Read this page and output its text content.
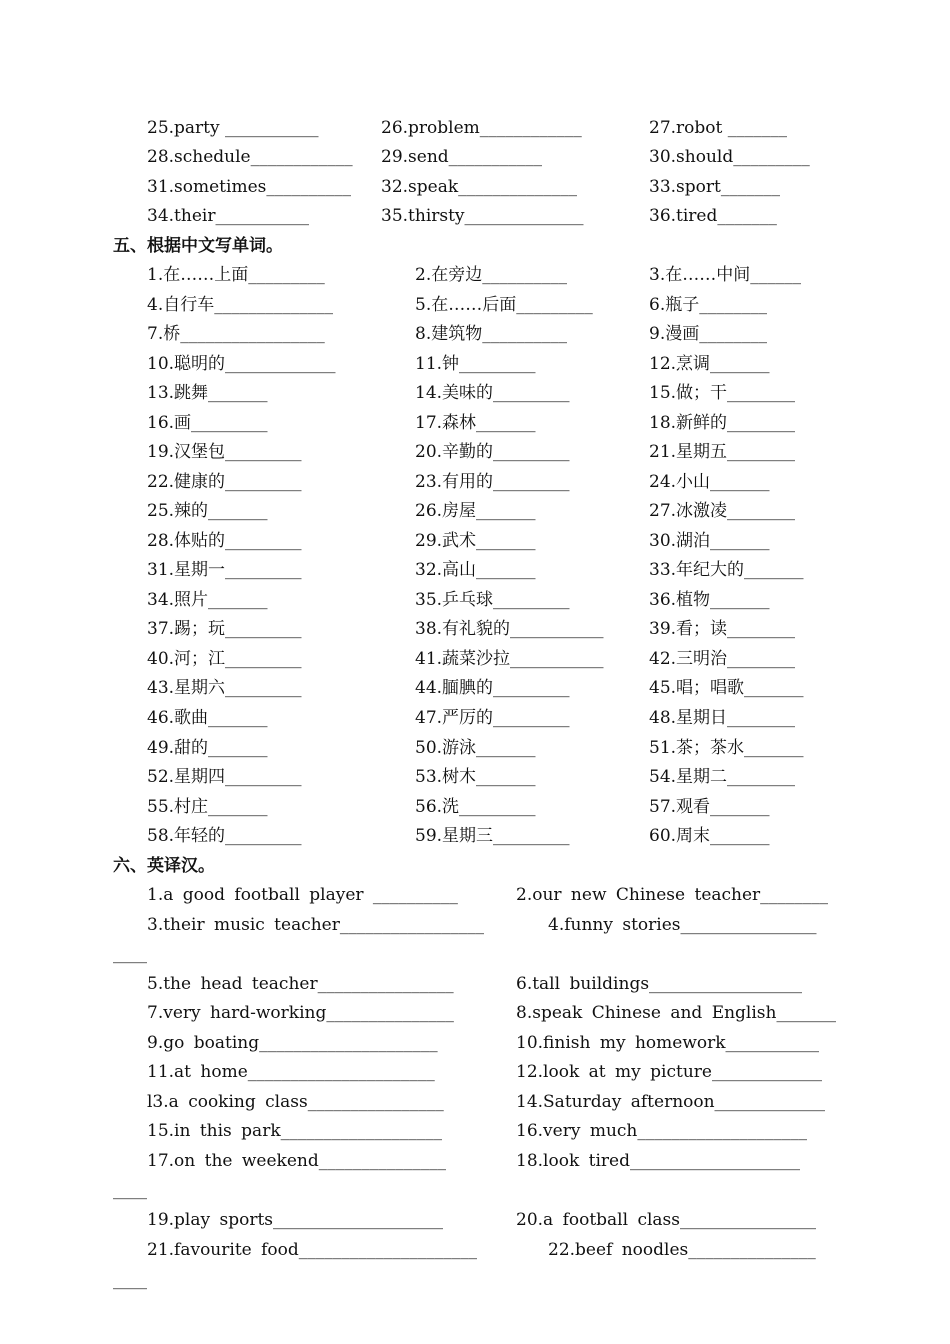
25.party ___________	26.problem____________	27.robot _______
28.schedule____________ 29.send___________	30.should_________
31.sometimes__________ 32.speak______________	33.sport_______
34.their___________	35.thirsty______________	36.tired_______
五、根据中文写单词。
1.在……上面_________	2.在旁边__________	3.在……中间______
4.自行车______________	5.在……后面_________	6.瓶子________
7.桥_________________	8.建筑物__________	9.漫画________
10.聪明的_____________	11.钟_________	12.烹调_______
13.跳舞_______	14.美味的_________	15.做；干________
16.画_________	17.森林_______	18.新鲜的________
19.汉堡包_________	20.辛勤的_________	21.星期五________
22.健康的_________	23.有用的_________	24.小山_______
25.辣的_______	26.房屋_______	27.冰激凌________
28.体贴的_________	29.武术_______	30.湖泊_______
31.星期一_________	32.高山_______	33.年纪大的_______
34.照片_______	35.乒乓球_________	36.植物_______
37.踢；玩_________	38.有礼貌的___________	39.看；读________
40.河；江_________	41.蔬菜沙拉___________	42.三明治________
43.星期六_________	44.腼腆的_________	45.唱；唱歌_______
46.歌曲_______	47.严厉的_________	48.星期日________
49.甜的_______	50.游泳_______	51.茶；茶水_______
52.星期四_________	53.树木_______	54.星期二________
55.村庄_______	56.洗_________	57.观看_______
58.年轻的_________	59.星期三_________	60.周末_______
六、英译汉。
1.a good football player __________	2.our new Chinese teacher________
3.their music teacher_________________	4.funny stories________________
____
5.the head teacher________________	6.tall buildings__________________
7.very hard-working_______________	8.speak Chinese and English_______
9.go boating_____________________	10.finish my homework___________
11.at home______________________	12.look at my picture_____________
l3.a cooking class________________	14.Saturday afternoon_____________
15.in this park___________________	16.very much____________________
17.on the weekend_______________	18.look tired____________________
____
19.play sports____________________	20.a football class________________
21.favourite food_____________________	22.beef noodles_______________
____
